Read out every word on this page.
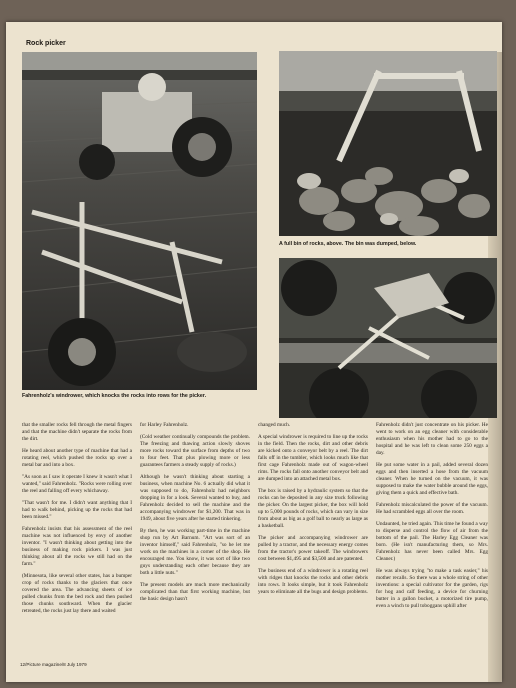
Rock picker
Fahrenholz's windrower, which knocks the rocks into rows for the picker.
A full bin of rocks, above. The bin was dumped, below.

that the smaller rocks fell through the metal fingers and that the machine didn't separate the rocks from the dirt.

He heard about another type of machine that had a rotating reel, which pushed the rocks up over a metal bar and into a box.

"As soon as I saw it operate I knew it wasn't what I wanted," said Fahrenholz. "Rocks were rolling over the reel and falling off every whichaway.

"That wasn't for me. I didn't want anything that I had to walk behind, picking up the rocks that had been missed."

Fahrenholz insists that his assessment of the reel machine was not influenced by envy of another inventor. "I wasn't thinking about getting into the business of making rock pickers. I was just thinking about all the rocks we still had on the farm."

(Minnesota, like several other states, has a bumper crop of rocks thanks to the glaciers that once covered the area. The advancing sheets of ice pulled chunks from the bed rock and then pushed those chunks southward. When the glacier retreated, the rocks just lay there and waited

for Harley Fahrenholz.

(Cold weather continually compounds the problem. The freezing and thawing action slowly shoves more rocks toward the surface from depths of two to four feet. That plus plowing more or less guarantees farmers a steady supply of rocks.)

Although he wasn't thinking about starting a business, when machine No. 6 actually did what it was supposed to do, Fahrenholz had neighbors dropping in for a look. Several wanted to buy, and Fahrenholz decided to sell the machine and the accompanying windrower for $1,200. That was in 1949, about five years after he started tinkering.

By then, he was working part-time in the machine shop run by Art Barnum. "Art was sort of an inventor himself," said Fahrenholz, "so he let me work on the machines in a corner of the shop. He encouraged me. You know, it was sort of like two guys understanding each other because they are both a little nuts."

The present models are much more mechanically complicated than that first working machine, but the basic design hasn't

changed much.

A special windrower is required to line up the rocks in the field. Then the rocks, dirt and other debris are kicked onto a conveyor belt by a reel. The dirt falls off in the tumbler, which looks much like that first cage Fahrenholz made out of wagon-wheel rims. The rocks fall onto another conveyor belt and are dumped into an attached metal box.

The box is raised by a hydraulic system so that the rocks can be deposited in any size truck following the picker. On the largest picker, the box will hold up to 5,000 pounds of rocks, which can vary in size from about as big as a golf ball to nearly as large as a basketball.

The picker and accompanying windrower are pulled by a tractor, and the necessary energy comes from the tractor's power takeoff. The windrowers cost between $1,495 and $3,500 and are patented.

The business end of a windrower is a rotating reel with ridges that knocks the rocks and other debris into rows. It looks simple, but it took Fahrenholz years to eliminate all the bugs and design problems.

Fahrenholz didn't just concentrate on his picker. He went to work on an egg cleaner with considerable enthusiasm when his mother had to go to the hospital and he was left to clean some 250 eggs a day.

He put some water in a pail, added several dozen eggs and then inserted a hose from the vacuum cleaner. When he turned on the vacuum, it was supposed to make the water bubble around the eggs, giving them a quick and effective bath.

Fahrenholz miscalculated the power of the vacuum. He had scrambled eggs all over the room.

Undaunted, he tried again. This time he found a way to disperse and control the flow of air from the bottom of the pail. The Harley Egg Cleaner was born. (He isn't manufacturing them, so Mrs. Fahrenholz has never been called Mrs. Egg Cleaner.)

He was always trying "to make a task easier," his mother recalls. So there was a whole string of other inventions: a special cultivator for the garden, rigs for hog and calf feeding, a device for churning butter in a gallon bucket, a motorized tire pump, even a winch to pull toboggans uphill after

12/Picture magazine/8 July 1979
